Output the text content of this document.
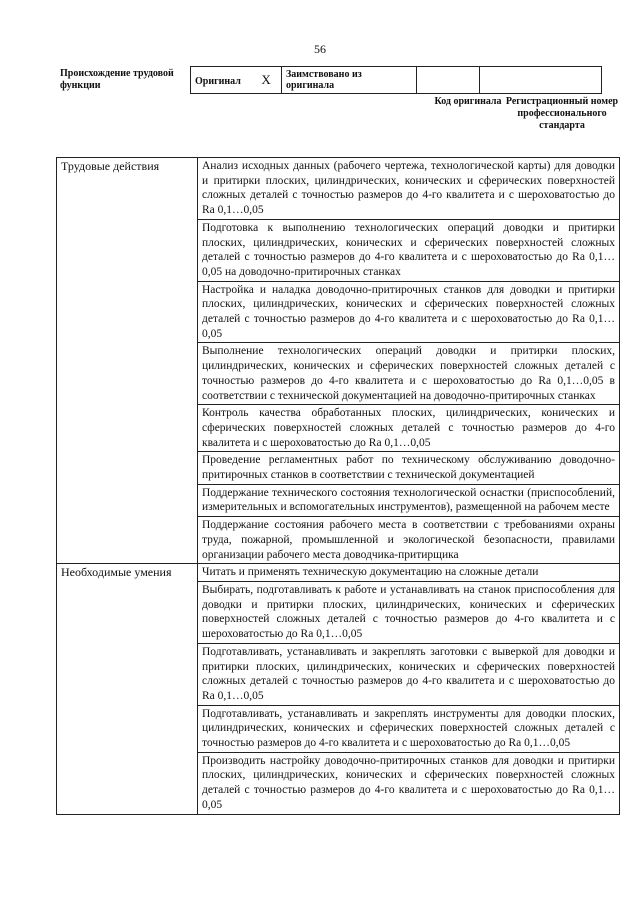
56
Происхождение трудовой функции	Оригинал X	Заимствовано из оригинала		
Код оригинала Регистрационный номер профессионального стандарта
Трудовые действия	Анализ исходных данных (рабочего чертежа, технологической карты) для доводки и притирки плоских, цилиндрических, конических и сферических поверхностей сложных деталей с точностью размеров до 4-го квалитета и с шероховатостью до Ra 0,1…0,05
	Подготовка к выполнению технологических операций доводки и притирки плоских, цилиндрических, конических и сферических поверхностей сложных деталей с точностью размеров до 4-го квалитета и с шероховатостью до Ra 0,1…0,05 на доводочно-притирочных станках
	Настройка и наладка доводочно-притирочных станков для доводки и притирки плоских, цилиндрических, конических и сферических поверхностей сложных деталей с точностью размеров до 4-го квалитета и с шероховатостью до Ra 0,1…0,05
	Выполнение технологических операций доводки и притирки плоских, цилиндрических, конических и сферических поверхностей сложных деталей с точностью размеров до 4-го квалитета и с шероховатостью до Ra 0,1…0,05 в соответствии с технической документацией на доводочно-притирочных станках
	Контроль качества обработанных плоских, цилиндрических, конических и сферических поверхностей сложных деталей с точностью размеров до 4-го квалитета и с шероховатостью до Ra 0,1…0,05
	Проведение регламентных работ по техническому обслуживанию доводочно-притирочных станков в соответствии с технической документацией
	Поддержание технического состояния технологической оснастки (приспособлений, измерительных и вспомогательных инструментов), размещенной на рабочем месте
	Поддержание состояния рабочего места в соответствии с требованиями охраны труда, пожарной, промышленной и экологической безопасности, правилами организации рабочего места доводчика-притирщика
Необходимые умения	Читать и применять техническую документацию на сложные детали
	Выбирать, подготавливать к работе и устанавливать на станок приспособления для доводки и притирки плоских, цилиндрических, конических и сферических поверхностей сложных деталей с точностью размеров до 4-го квалитета и с шероховатостью до Ra 0,1…0,05
	Подготавливать, устанавливать и закреплять заготовки с выверкой для доводки и притирки плоских, цилиндрических, конических и сферических поверхностей сложных деталей с точностью размеров до 4-го квалитета и с шероховатостью до Ra 0,1…0,05
	Подготавливать, устанавливать и закреплять инструменты для доводки плоских, цилиндрических, конических и сферических поверхностей сложных деталей с точностью размеров до 4-го квалитета и с шероховатостью до Ra 0,1…0,05
	Производить настройку доводочно-притирочных станков для доводки и притирки плоских, цилиндрических, конических и сферических поверхностей сложных деталей с точностью размеров до 4-го квалитета и с шероховатостью до Ra 0,1…0,05
